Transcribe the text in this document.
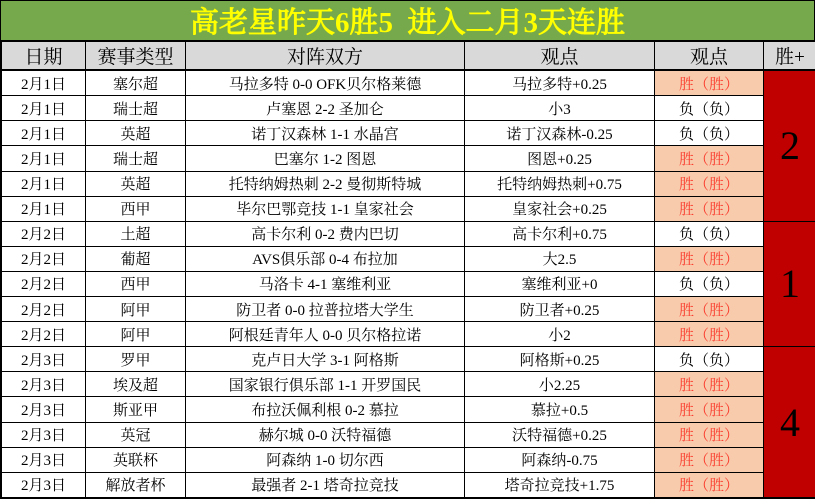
高老星昨天6胜5  进入二月3天连胜
日期	赛事类型	对阵双方	观点	观点	胜+
2月1日	塞尔超	马拉多特 0-0 OFK贝尔格莱德	马拉多特+0.25	胜（胜）	2
2月1日	瑞士超	卢塞恩 2-2 圣加仑	小3	负（负）	
2月1日	英超	诺丁汉森林 1-1 水晶宫	诺丁汉森林-0.25	负（负）	
2月1日	瑞士超	巴塞尔 1-2 图恩	图恩+0.25	胜（胜）	
2月1日	英超	托特纳姆热刺 2-2 曼彻斯特城	托特纳姆热刺+0.75	胜（胜）	
2月1日	西甲	毕尔巴鄂竞技 1-1 皇家社会	皇家社会+0.25	胜（胜）	
2月2日	土超	高卡尔利 0-2 费内巴切	高卡尔利+0.75	负（负）	1
2月2日	葡超	AVS俱乐部 0-4 布拉加	大2.5	胜（胜）	
2月2日	西甲	马洛卡 4-1 塞维利亚	塞维利亚+0	负（负）	
2月2日	阿甲	防卫者 0-0 拉普拉塔大学生	防卫者+0.25	胜（胜）	
2月2日	阿甲	阿根廷青年人 0-0 贝尔格拉诺	小2	胜（胜）	
2月3日	罗甲	克卢日大学 3-1 阿格斯	阿格斯+0.25	负（负）	4
2月3日	埃及超	国家银行俱乐部 1-1 开罗国民	小2.25	胜（胜）	
2月3日	斯亚甲	布拉沃佩利根 0-2 慕拉	慕拉+0.5	胜（胜）	
2月3日	英冠	赫尔城 0-0 沃特福德	沃特福德+0.25	胜（胜）	
2月3日	英联杯	阿森纳 1-0 切尔西	阿森纳-0.75	胜（胜）	
2月3日	解放者杯	最强者 2-1 塔奇拉竞技	塔奇拉竞技+1.75	胜（胜）	
